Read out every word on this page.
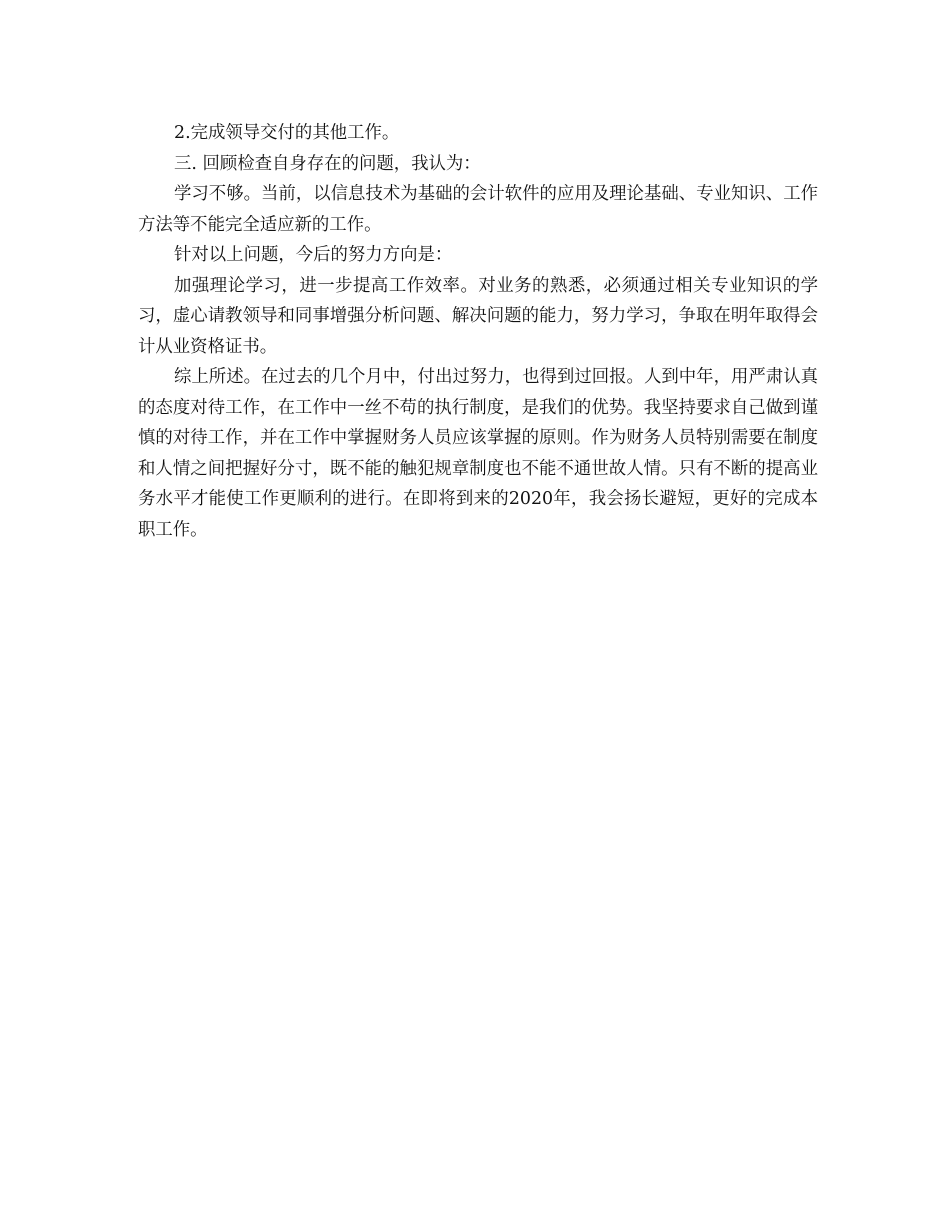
2.完成领导交付的其他工作。

三. 回顾检查自身存在的问题，我认为：

学习不够。当前，以信息技术为基础的会计软件的应用及理论基础、专业知识、工作方法等不能完全适应新的工作。

针对以上问题，今后的努力方向是：

加强理论学习，进一步提高工作效率。对业务的熟悉，必须通过相关专业知识的学习，虚心请教领导和同事增强分析问题、解决问题的能力，努力学习，争取在明年取得会计从业资格证书。

综上所述。在过去的几个月中，付出过努力，也得到过回报。人到中年，用严肃认真的态度对待工作，在工作中一丝不苟的执行制度，是我们的优势。我坚持要求自己做到谨慎的对待工作，并在工作中掌握财务人员应该掌握的原则。作为财务人员特别需要在制度和人情之间把握好分寸，既不能的触犯规章制度也不能不通世故人情。只有不断的提高业务水平才能使工作更顺利的进行。在即将到来的2020年，我会扬长避短，更好的完成本职工作。
